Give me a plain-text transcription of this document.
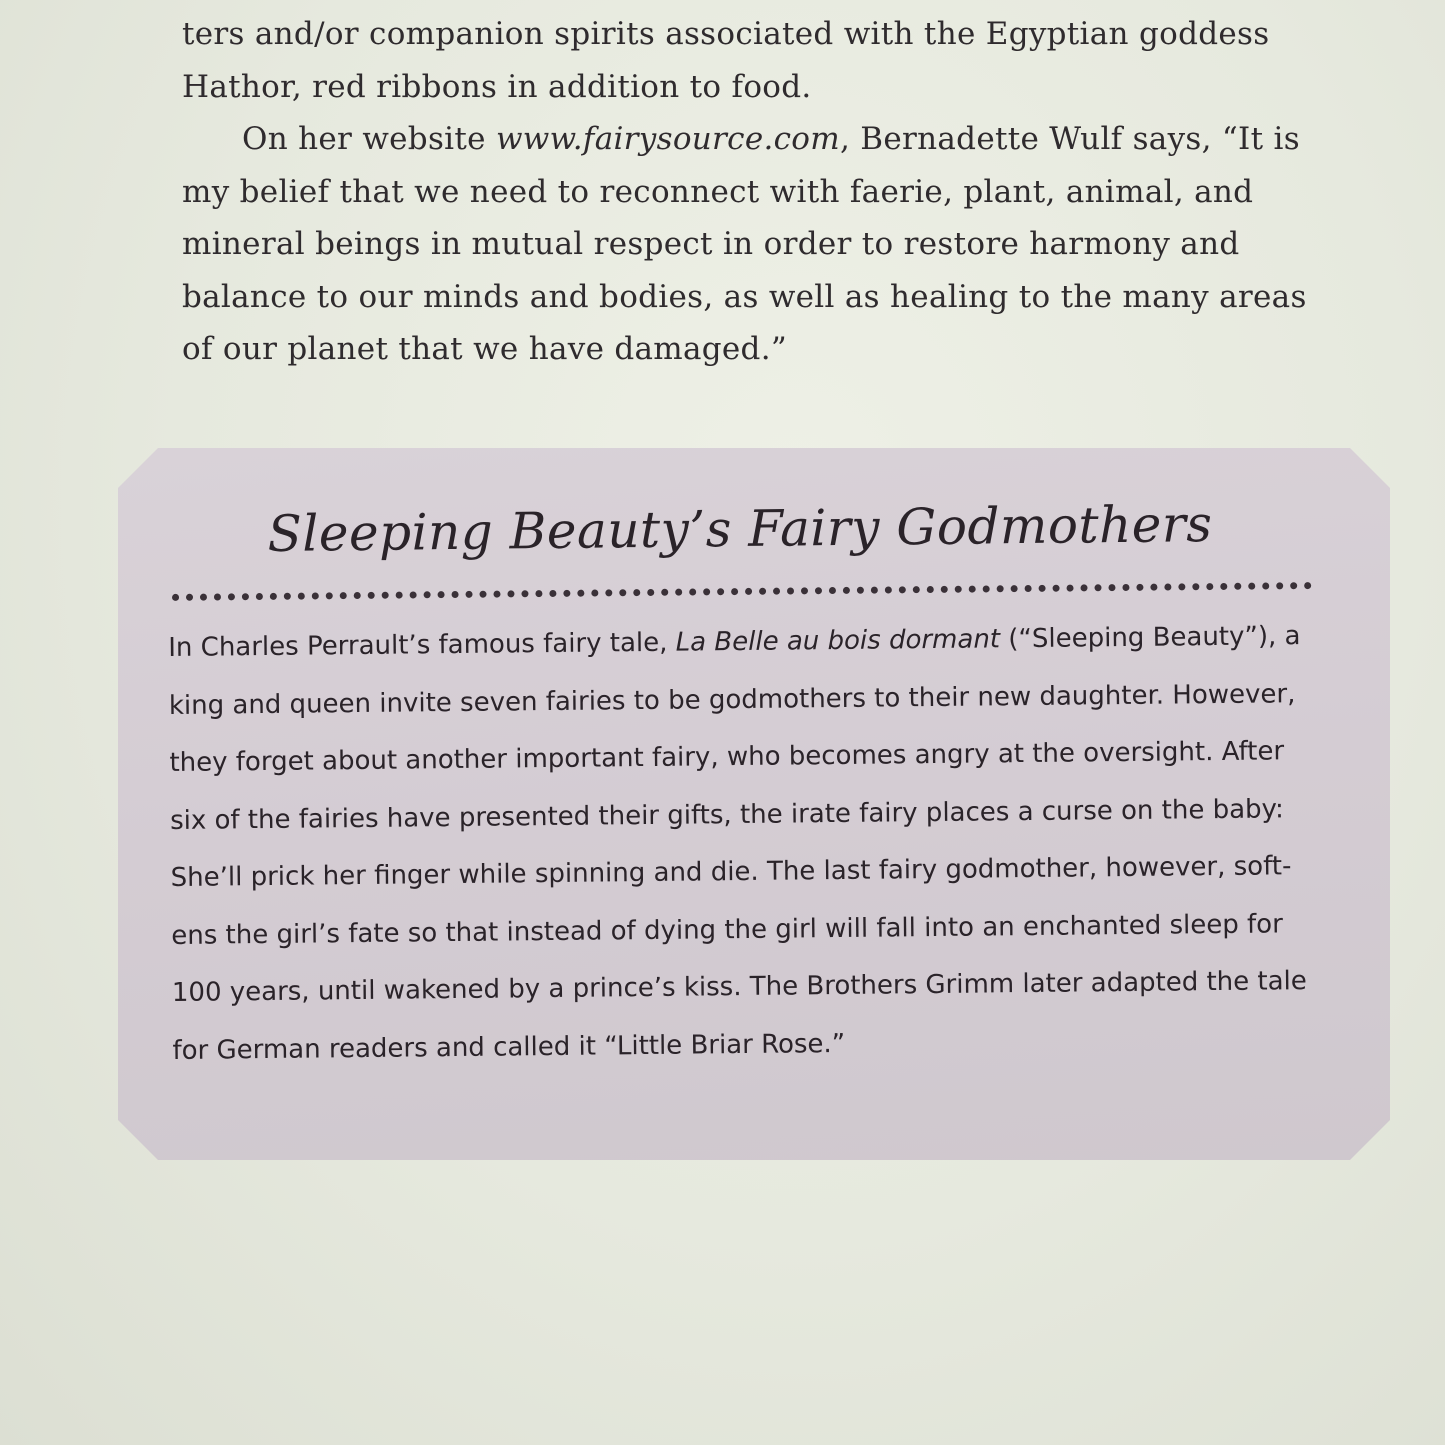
ters and/or companion spirits associated with the Egyptian goddess
Hathor, red ribbons in addition to food.
On her website www.fairysource.com, Bernadette Wulf says, “It is
my belief that we need to reconnect with faerie, plant, animal, and
mineral beings in mutual respect in order to restore harmony and
balance to our minds and bodies, as well as healing to the many areas
of our planet that we have damaged.”
Sleeping Beauty’s Fairy Godmothers
In Charles Perrault’s famous fairy tale, La Belle au bois dormant (“Sleeping Beauty”), a
king and queen invite seven fairies to be godmothers to their new daughter. However,
they forget about another important fairy, who becomes angry at the oversight. After
six of the fairies have presented their gifts, the irate fairy places a curse on the baby:
She’ll prick her finger while spinning and die. The last fairy godmother, however, soft-
ens the girl’s fate so that instead of dying the girl will fall into an enchanted sleep for
100 years, until wakened by a prince’s kiss. The Brothers Grimm later adapted the tale
for German readers and called it “Little Briar Rose.”
